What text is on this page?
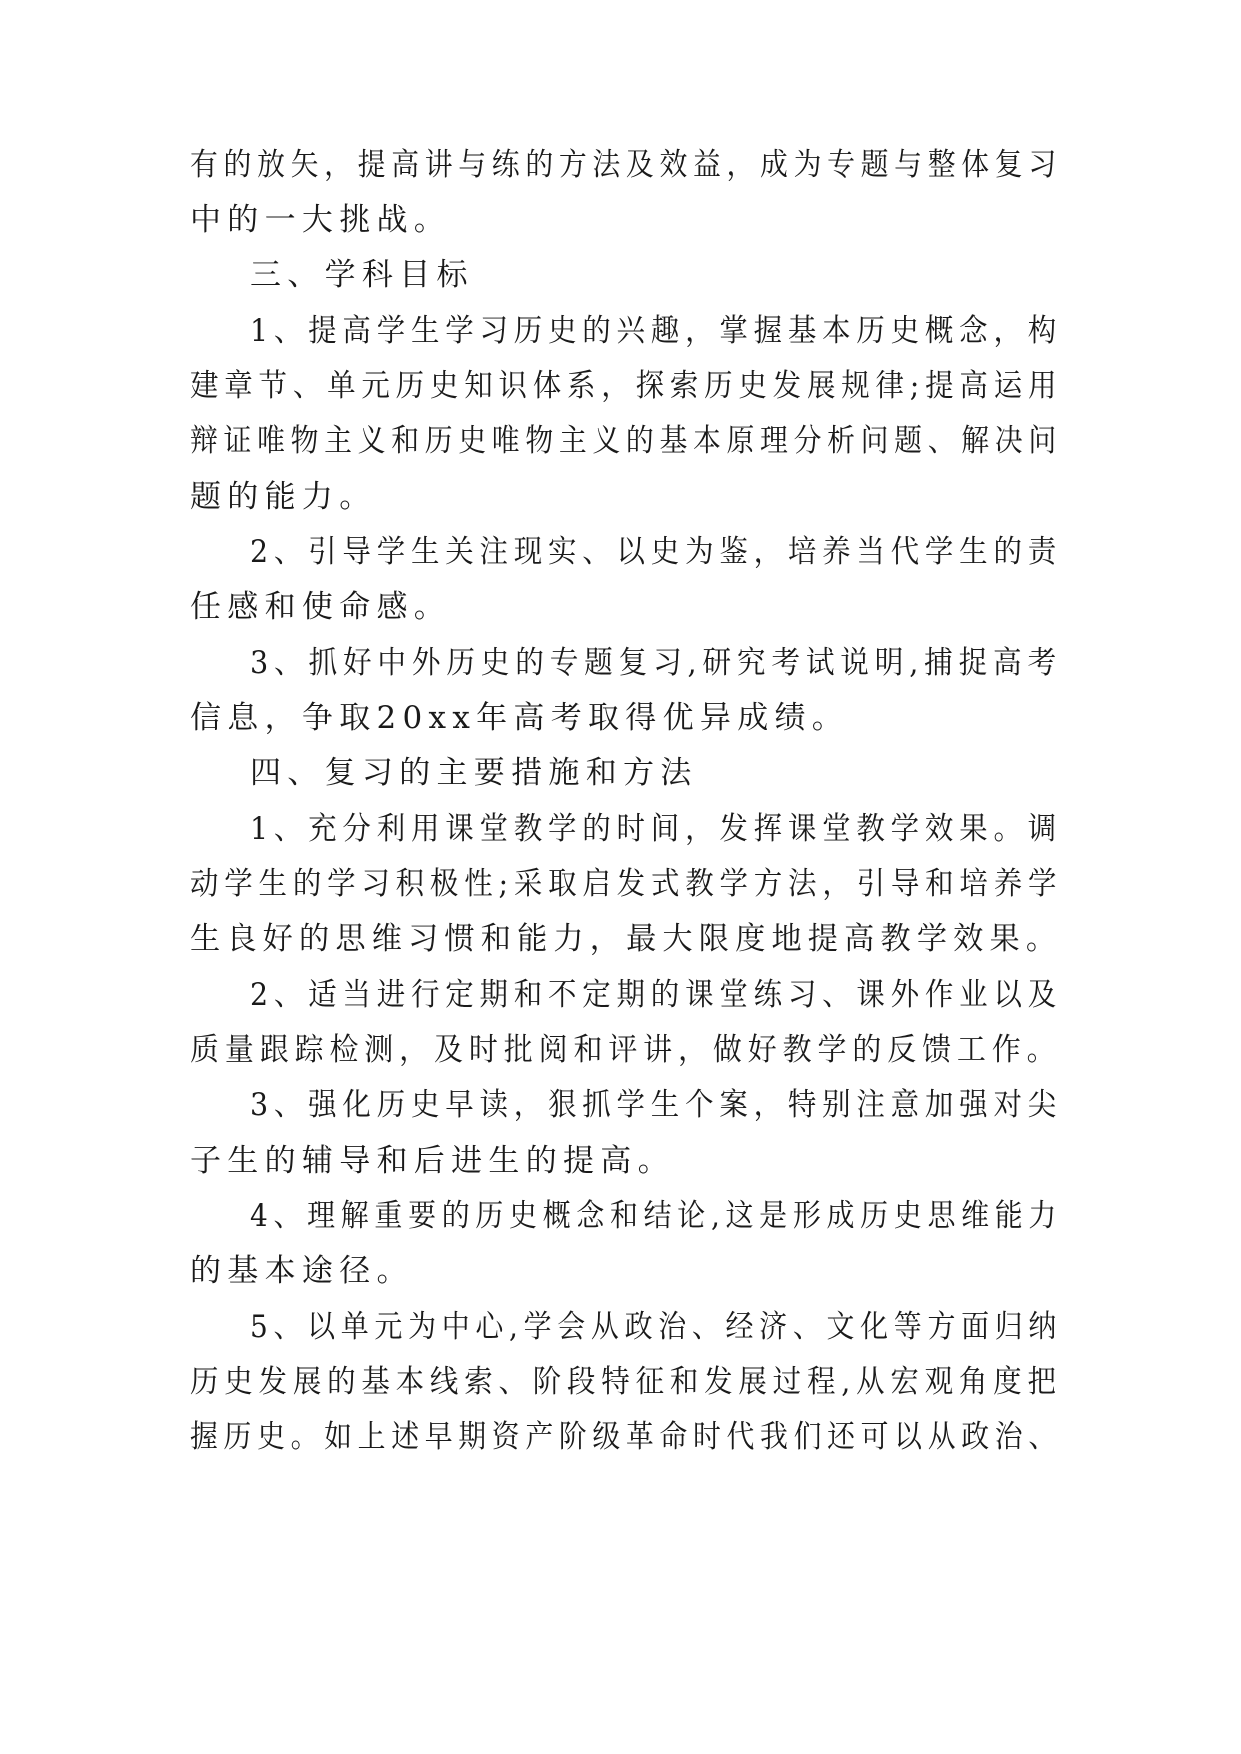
有的放矢，提高讲与练的方法及效益，成为专题与整体复习
中的一大挑战。
三、学科目标
1、提高学生学习历史的兴趣，掌握基本历史概念，构
建章节、单元历史知识体系，探索历史发展规律;提高运用
辩证唯物主义和历史唯物主义的基本原理分析问题、解决问
题的能力。
2、引导学生关注现实、以史为鉴，培养当代学生的责
任感和使命感。
3、抓好中外历史的专题复习,研究考试说明,捕捉高考
信息，争取20xx年高考取得优异成绩。
四、复习的主要措施和方法
1、充分利用课堂教学的时间，发挥课堂教学效果。调
动学生的学习积极性;采取启发式教学方法，引导和培养学
生良好的思维习惯和能力，最大限度地提高教学效果。
2、适当进行定期和不定期的课堂练习、课外作业以及
质量跟踪检测，及时批阅和评讲，做好教学的反馈工作。
3、强化历史早读，狠抓学生个案，特别注意加强对尖
子生的辅导和后进生的提高。
4、理解重要的历史概念和结论,这是形成历史思维能力
的基本途径。
5、以单元为中心,学会从政治、经济、文化等方面归纳
历史发展的基本线索、阶段特征和发展过程,从宏观角度把
握历史。如上述早期资产阶级革命时代我们还可以从政治、
